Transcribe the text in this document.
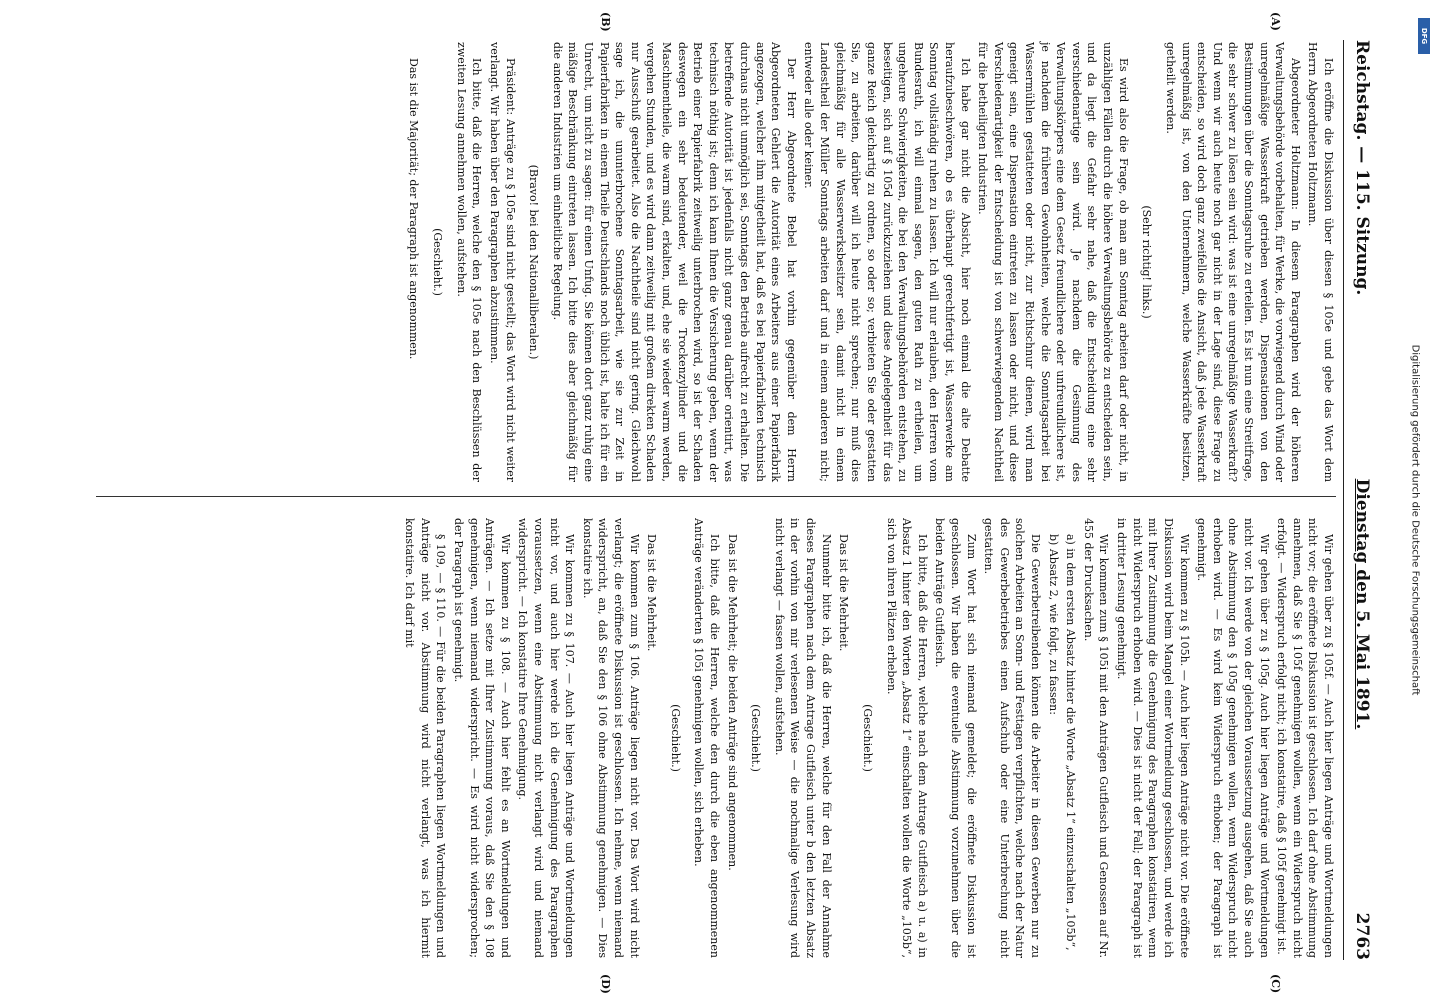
Reichstag. — 115. Sitzung.
Dienstag den 5. Mai 1891.
2763
(A)
(B)
(C)
(D)

Ich eröffne die Diskussion über diesen § 105e und gebe das Wort dem Herrn Abgeordneten Holtzmann.

Abgeordneter Holtzmann: In diesem Paragraphen wird der höheren Verwaltungsbehörde vorbehalten, für Werke, die vorwiegend durch Wind oder unregelmäßige Wasserkraft getrieben werden, Dispensationen von den Bestimmungen über die Sonntagsruhe zu erteilen. Es ist nun eine Streitfrage, die sehr schwer zu lösen sein wird: was ist eine unregelmäßige Wasserkraft? Und wenn wir auch heute noch gar nicht in der Lage sind, diese Frage zu entscheiden, so wird doch ganz zweifellos die Ansicht, daß jede Wasserkraft unregelmäßig ist, von den Unternehmern, welche Wasserkräfte besitzen, getheilt werden.

(Sehr richtig! links.)

Es wird also die Frage, ob man am Sonntag arbeiten darf oder nicht, in unzähligen Fällen durch die höhere Verwaltungsbehörde zu entscheiden sein, und da liegt die Gefahr sehr nahe, daß die Entscheidung eine sehr verschiedenartige sein wird. Je nachdem die Gesinnung des Verwaltungskörpers eine dem Gesetz freundlichere oder unfreundlichere ist, je nachdem die früheren Gewohnheiten, welche die Sonntagsarbeit bei Wassermühlen gestatteten oder nicht, zur Richtschnur dienen, wird man geneigt sein, eine Dispensation eintreten zu lassen oder nicht, und diese Verschiedenartigkeit der Entscheidung ist von schwerwiegendem Nachtheil für die betheiligten Industrien.

Ich habe gar nicht die Absicht, hier noch einmal die alte Debatte heraufzubeschwören, ob es überhaupt gerechtfertigt ist, Wasserwerke am Sonntag vollständig ruhen zu lassen. Ich will nur erlauben, den Herren vom Bundesrath, ich will einmal sagen, den guten Rath zu ertheilen, um ungeheure Schwierigkeiten, die bei den Verwaltungsbehörden entstehen, zu beseitigen, sich auf § 105d zurückzuziehen und diese Angelegenheit für das ganze Reich gleichartig zu ordnen, so oder so; verbieten Sie oder gestatten Sie, zu arbeiten, darüber will ich heute nicht sprechen; nur muß dies gleichmäßig für alle Wasserwerksbesitzer sein, damit nicht in einem Landestheil der Müller Sonntags arbeiten darf und in einem anderen nicht; entweder alle oder keiner.

Der Herr Abgeordnete Bebel hat vorhin gegenüber dem Herrn Abgeordneten Gehlert die Autorität eines Arbeiters aus einer Papierfabrik angezogen, welcher ihm mitgetheilt hat, daß es bei Papierfabriken technisch durchaus nicht unmöglich sei, Sonntags den Betrieb aufrecht zu erhalten. Die betreffende Autorität ist jedenfalls nicht ganz genau darüber orientirt, was technisch nöthig ist; denn ich kann Ihnen die Versicherung geben, wenn der Betrieb einer Papierfabrik zeitweilig unterbrochen wird, so ist der Schaden deswegen ein sehr bedeutender, weil die Trockenzylinder und die Maschinentheile, die warm sind, erkalten, und, ehe sie wieder warm werden, vergehen Stunden, und es wird dann zeitweilig mit großem direkten Schaden nur Ausschuß gearbeitet. Also die Nachtheile sind nicht gering. Gleichwohl sage ich, die ununterbrochene Sonntagsarbeit, wie sie zur Zeit in Papierfabriken in einem Theile Deutschlands noch üblich ist, halte ich für ein Unrecht, um nicht zu sagen: für einen Unfug. Sie können dort ganz ruhig eine mäßige Beschränkung eintreten lassen. Ich bitte dies aber gleichmäßig für die anderen Industrien um einheitliche Regelung.

(Bravo! bei den Nationalliberalen.)

Präsident: Anträge zu § 105e sind nicht gestellt; das Wort wird nicht weiter verlangt. Wir haben über den Paragraphen abzustimmen.

Ich bitte, daß die Herren, welche den § 105e nach den Beschlüssen der zweiten Lesung annehmen wollen, aufstehen.

(Geschieht.)

Das ist die Majorität; der Paragraph ist angenommen.

Wir gehen über zu § 105f. — Auch hier liegen Anträge und Wortmeldungen nicht vor; die eröffnete Diskussion ist geschlossen. Ich darf ohne Abstimmung annehmen, daß Sie § 105f genehmigen wollen, wenn ein Widerspruch nicht erfolgt. — Widerspruch erfolgt nicht; ich konstatire, daß § 105f genehmigt ist.

Wir gehen über zu § 105g. Auch hier liegen Anträge und Wortmeldungen nicht vor. Ich werde von der gleichen Voraussetzung ausgehen, daß Sie auch ohne Abstimmung den § 105g genehmigen wollen, wenn Widerspruch nicht erhoben wird. — Es wird kein Widerspruch erhoben; der Paragraph ist genehmigt.

Wir kommen zu § 105h. — Auch hier liegen Anträge nicht vor. Die eröffnete Diskussion wird beim Mangel einer Wortmeldung geschlossen, und werde ich mit Ihrer Zustimmung die Genehmigung des Paragraphen konstatiren, wenn nicht Widerspruch erhoben wird. — Dies ist nicht der Fall; der Paragraph ist in dritter Lesung genehmigt.

Wir kommen zum § 105i mit den Anträgen Gutfleisch und Genossen auf Nr. 455 der Drucksachen.

a) in dem ersten Absatz hinter die Worte „Absatz 1“ einzuschalten „105b“,

b) Absatz 2, wie folgt, zu fassen:

Die Gewerbetreibenden können die Arbeiter in diesen Gewerben nur zu solchen Arbeiten an Sonn- und Festtagen verpflichten, welche nach der Natur des Gewerbebetriebes einen Aufschub oder eine Unterbrechung nicht gestatten.

Zum Wort hat sich niemand gemeldet; die eröffnete Diskussion ist geschlossen. Wir haben die eventuelle Abstimmung vorzunehmen über die beiden Anträge Gutfleisch.

Ich bitte, daß die Herren, welche nach dem Antrage Gutfleisch a) u. a) in Absatz 1 hinter den Worten „Absatz 1“ einschalten wollen die Worte „105b“, sich von ihren Plätzen erheben.

(Geschieht.)

Das ist die Mehrheit.

Nunmehr bitte ich, daß die Herren, welche für den Fall der Annahme dieses Paragraphen nach dem Antrage Gutfleisch unter b den letzten Absatz in der vorhin von mir verlesenen Weise — die nochmalige Verlesung wird nicht verlangt — fassen wollen, aufstehen.

(Geschieht.)

Das ist die Mehrheit; die beiden Anträge sind angenommen.

Ich bitte, daß die Herren, welche den durch die eben angenommenen Anträge veränderten § 105i genehmigen wollen, sich erheben.

(Geschieht.)

Das ist die Mehrheit.

Wir kommen zum § 106. Anträge liegen nicht vor. Das Wort wird nicht verlangt; die eröffnete Diskussion ist geschlossen. Ich nehme, wenn niemand widerspricht, an, daß Sie den § 106 ohne Abstimmung genehmigen. — Dies konstatire ich.

Wir kommen zu § 107. — Auch hier liegen Anträge und Wortmeldungen nicht vor, und auch hier werde ich die Genehmigung des Paragraphen voraussetzen, wenn eine Abstimmung nicht verlangt wird und niemand widerspricht. — Ich konstatire Ihre Genehmigung.

Wir kommen zu § 108. — Auch hier fehlt es an Wortmeldungen und Anträgen. — Ich setze mit Ihrer Zustimmung voraus, daß Sie den § 108 genehmigen, wenn niemand widerspricht. — Es wird nicht widersprochen; der Paragraph ist genehmigt.

§ 109, — § 110. — Für die beiden Paragraphen liegen Wortmeldungen und Anträge nicht vor. Abstimmung wird nicht verlangt, was ich hiermit konstatire. Ich darf mit

DFG
Digitalisierung gefördert durch die Deutsche Forschungsgemeinschaft
